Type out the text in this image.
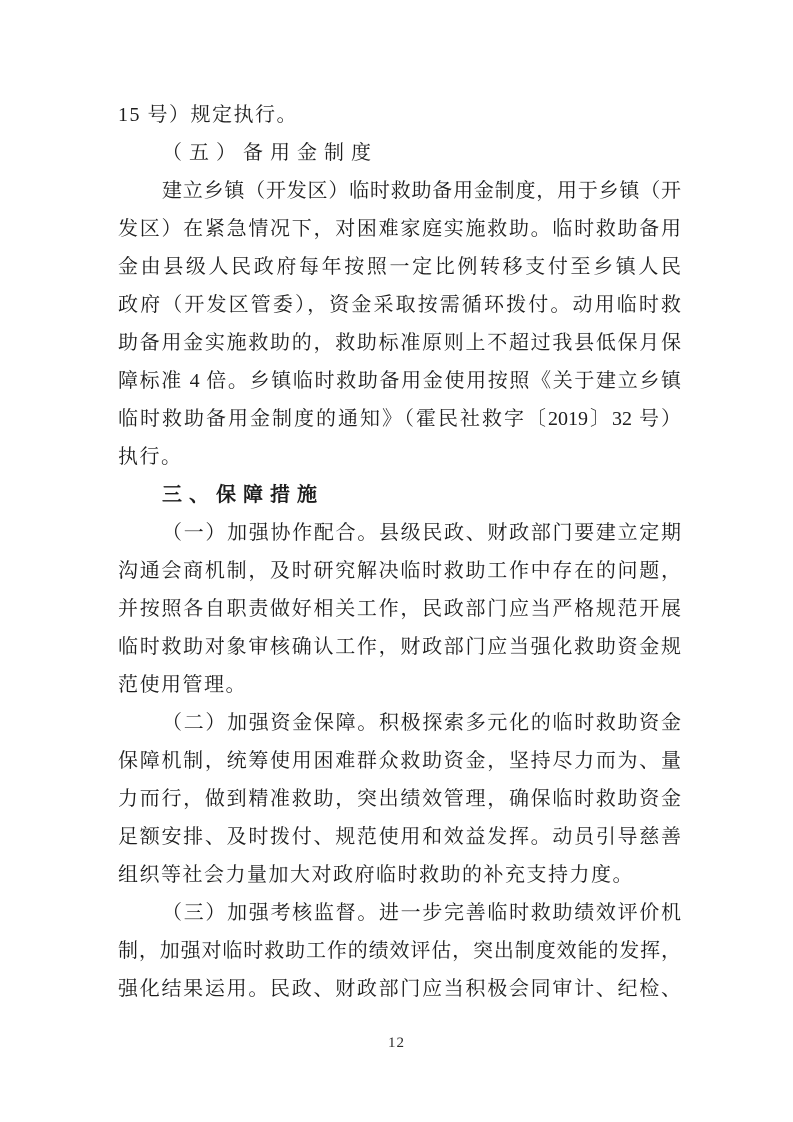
15 号）规定执行。
（五）备用金制度
建立乡镇（开发区）临时救助备用金制度，用于乡镇（开
发区）在紧急情况下，对困难家庭实施救助。临时救助备用
金由县级人民政府每年按照一定比例转移支付至乡镇人民
政府（开发区管委），资金采取按需循环拨付。动用临时救
助备用金实施救助的，救助标准原则上不超过我县低保月保
障标准 4 倍。乡镇临时救助备用金使用按照《关于建立乡镇
临时救助备用金制度的通知》（霍民社救字〔2019〕32 号）
执行。
三、保障措施
（一）加强协作配合。县级民政、财政部门要建立定期
沟通会商机制，及时研究解决临时救助工作中存在的问题，
并按照各自职责做好相关工作，民政部门应当严格规范开展
临时救助对象审核确认工作，财政部门应当强化救助资金规
范使用管理。
（二）加强资金保障。积极探索多元化的临时救助资金
保障机制，统筹使用困难群众救助资金，坚持尽力而为、量
力而行，做到精准救助，突出绩效管理，确保临时救助资金
足额安排、及时拨付、规范使用和效益发挥。动员引导慈善
组织等社会力量加大对政府临时救助的补充支持力度。
（三）加强考核监督。进一步完善临时救助绩效评价机
制，加强对临时救助工作的绩效评估，突出制度效能的发挥，
强化结果运用。民政、财政部门应当积极会同审计、纪检、
12
